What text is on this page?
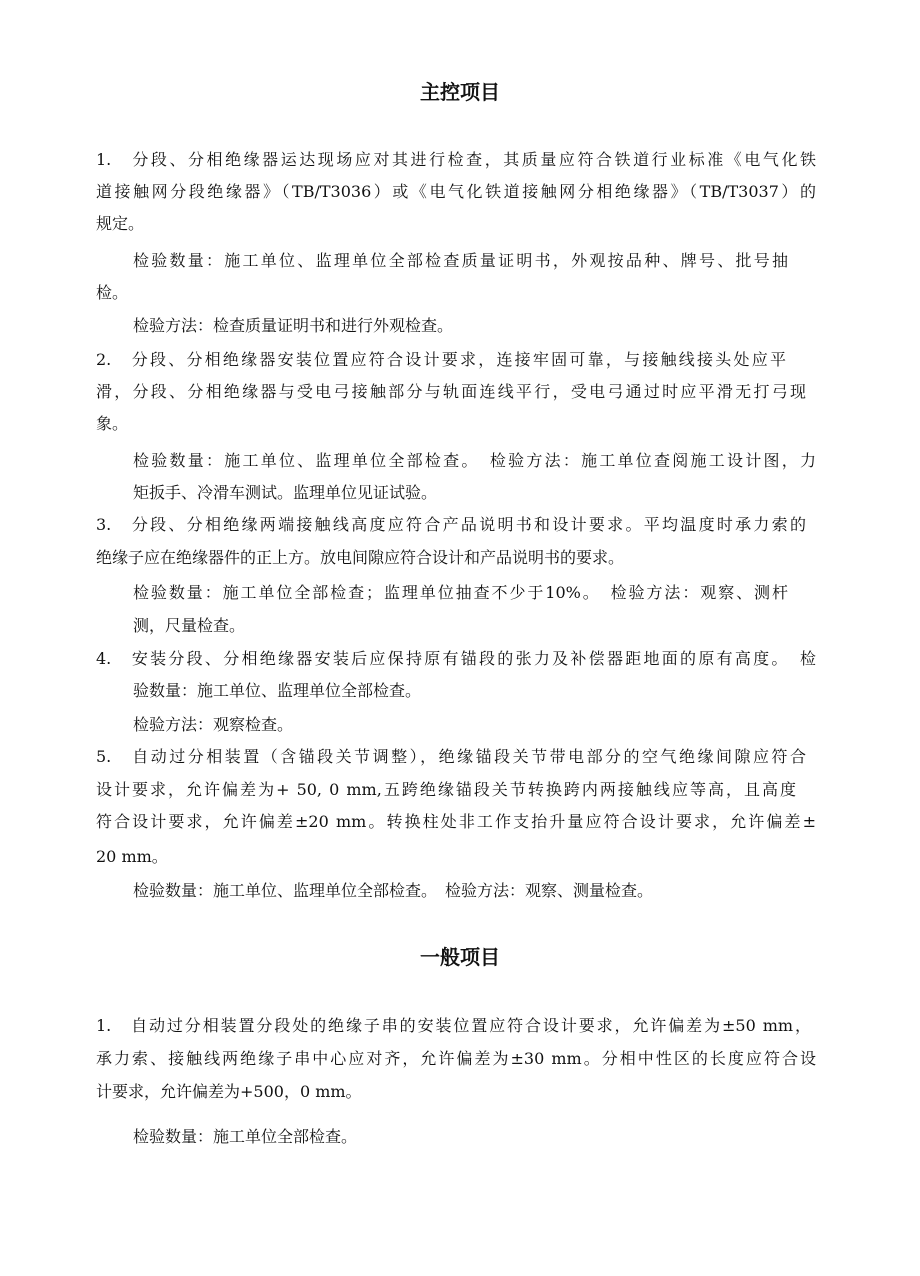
主控项目
1.　分段、分相绝缘器运达现场应对其进行检查，其质量应符合铁道行业标准《电气化铁
道接触网分段绝缘器》（TB/T3036）或《电气化铁道接触网分相绝缘器》（TB/T3037）的
规定。
检验数量：施工单位、监理单位全部检查质量证明书，外观按品种、牌号、批号抽
检。
检验方法：检查质量证明书和进行外观检查。
2.　分段、分相绝缘器安装位置应符合设计要求，连接牢固可靠，与接触线接头处应平
滑，分段、分相绝缘器与受电弓接触部分与轨面连线平行，受电弓通过时应平滑无打弓现
象。
检验数量：施工单位、监理单位全部检查。　检验方法：施工单位查阅施工设计图，力
矩扳手、冷滑车测试。监理单位见证试验。
3.　分段、分相绝缘两端接触线高度应符合产品说明书和设计要求。平均温度时承力索的
绝缘子应在绝缘器件的正上方。放电间隙应符合设计和产品说明书的要求。
检验数量：施工单位全部检查；监理单位抽查不少于10%。　检验方法：观察、测杆
测，尺量检查。
4.　安装分段、分相绝缘器安装后应保持原有锚段的张力及补偿器距地面的原有高度。　检
验数量：施工单位、监理单位全部检查。
检验方法：观察检查。
5.　自动过分相装置（含锚段关节调整），绝缘锚段关节带电部分的空气绝缘间隙应符合
设计要求，允许偏差为+ 50, 0 mm,五跨绝缘锚段关节转换跨内两接触线应等高，且高度
符合设计要求，允许偏差±20 mm。转换柱处非工作支抬升量应符合设计要求，允许偏差±
20 mm。
检验数量：施工单位、监理单位全部检查。　检验方法：观察、测量检查。
一般项目
1.　自动过分相装置分段处的绝缘子串的安装位置应符合设计要求，允许偏差为±50 mm，
承力索、接触线两绝缘子串中心应对齐，允许偏差为±30 mm。分相中性区的长度应符合设
计要求，允许偏差为+500，0 mm。
检验数量：施工单位全部检查。
